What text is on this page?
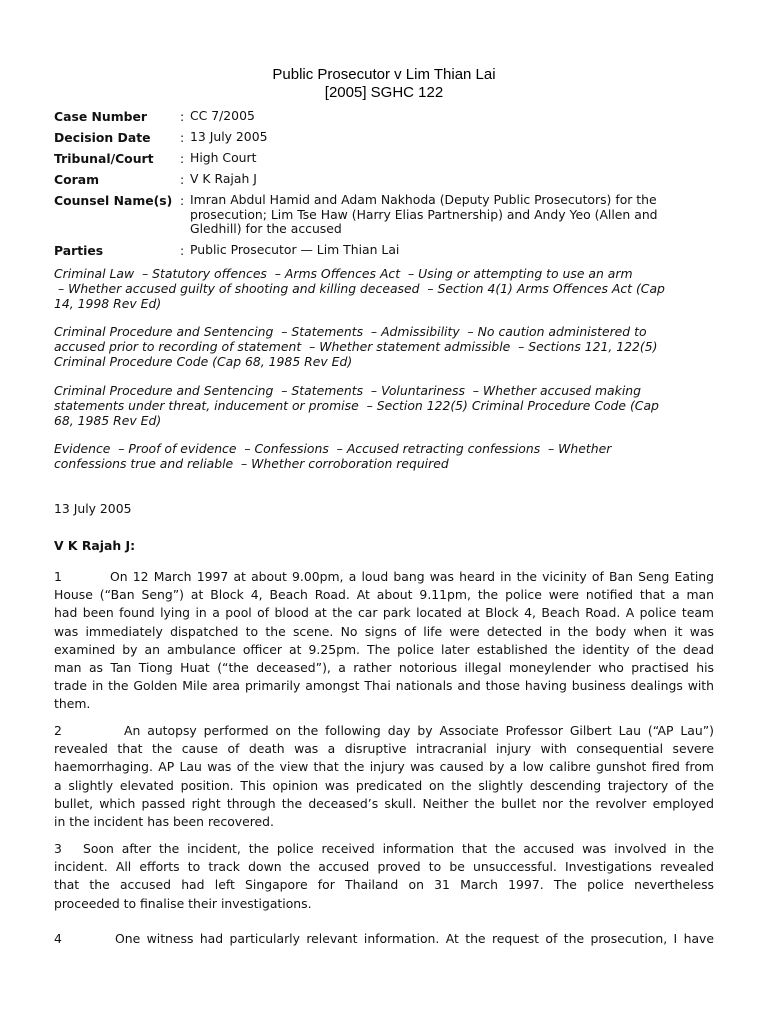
Public Prosecutor v Lim Thian Lai
[2005] SGHC 122
Case Number	: CC 7/2005
Decision Date	: 13 July 2005
Tribunal/Court	: High Court
Coram	: V K Rajah J
Counsel Name(s) : Imran Abdul Hamid and Adam Nakhoda (Deputy Public Prosecutors) for the
prosecution; Lim Tse Haw (Harry Elias Partnership) and Andy Yeo (Allen and
Gledhill) for the accused
Parties	: Public Prosecutor — Lim Thian Lai
Criminal Law  – Statutory offences  – Arms Offences Act  – Using or attempting to use an arm
– Whether accused guilty of shooting and killing deceased  – Section 4(1) Arms Offences Act (Cap
14, 1998 Rev Ed)
Criminal Procedure and Sentencing  – Statements  – Admissibility  – No caution administered to
accused prior to recording of statement  – Whether statement admissible  – Sections 121, 122(5)
Criminal Procedure Code (Cap 68, 1985 Rev Ed)
Criminal Procedure and Sentencing  – Statements  – Voluntariness  – Whether accused making
statements under threat, inducement or promise  – Section 122(5) Criminal Procedure Code (Cap
68, 1985 Rev Ed)
Evidence  – Proof of evidence  – Confessions  – Accused retracting confessions  – Whether
confessions true and reliable  – Whether corroboration required
13 July 2005
V K Rajah J:
1	On 12 March 1997 at about 9.00pm, a loud bang was heard in the vicinity of Ban Seng Eating
House (“Ban Seng”) at Block 4, Beach Road. At about 9.11pm, the police were notified that a man
had been found lying in a pool of blood at the car park located at Block 4, Beach Road. A police team
was immediately dispatched to the scene. No signs of life were detected in the body when it was
examined by an ambulance officer at 9.25pm. The police later established the identity of the dead
man as Tan Tiong Huat (“the deceased”), a rather notorious illegal moneylender who practised his
trade in the Golden Mile area primarily amongst Thai nationals and those having business dealings with
them.
2	An autopsy performed on the following day by Associate Professor Gilbert Lau (“AP Lau”)
revealed that the cause of death was a disruptive intracranial injury with consequential severe
haemorrhaging. AP Lau was of the view that the injury was caused by a low calibre gunshot fired from
a slightly elevated position. This opinion was predicated on the slightly descending trajectory of the
bullet, which passed right through the deceased’s skull. Neither the bullet nor the revolver employed
in the incident has been recovered.
3 Soon after the incident, the police received information that the accused was involved in the
incident. All efforts to track down the accused proved to be unsuccessful. Investigations revealed
that the accused had left Singapore for Thailand on 31 March 1997. The police nevertheless
proceeded to finalise their investigations.
4	One witness had particularly relevant information. At the request of the prosecution, I have
